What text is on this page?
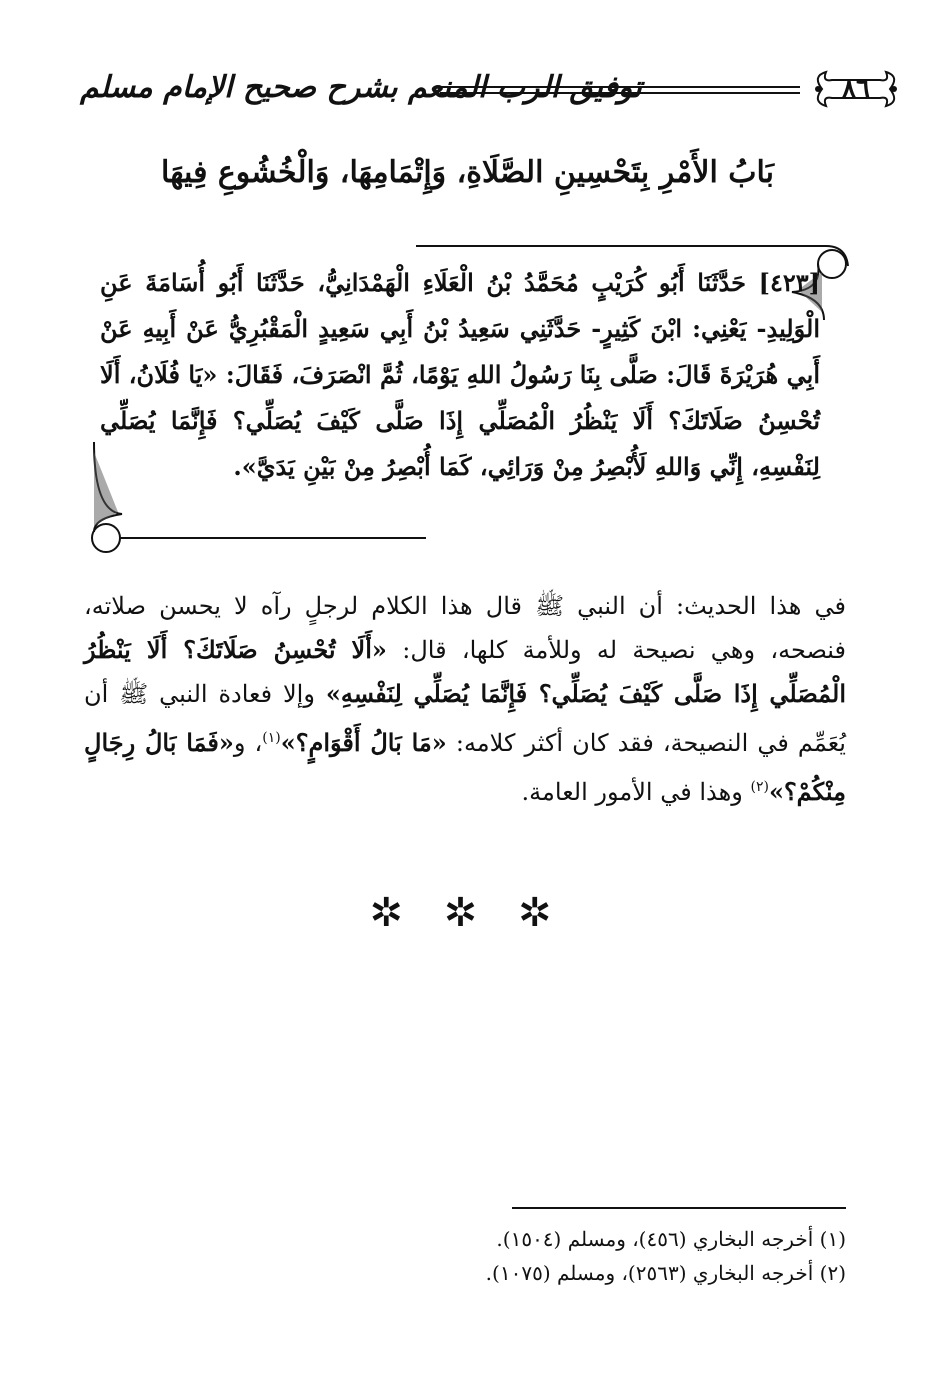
توفيق الرب المنعم بشرح صحيح الإمام مسلم	٨٦
بَابُ الأَمْرِ بِتَحْسِينِ الصَّلَاةِ، وَإِتْمَامِهَا، وَالْخُشُوعِ فِيهَا
[٤٢٣] حَدَّثَنَا أَبُو كُرَيْبٍ مُحَمَّدُ بْنُ الْعَلَاءِ الْهَمْدَانِيُّ، حَدَّثَنَا أَبُو أُسَامَةَ عَنِ الْوَلِيدِ- يَعْنِي: ابْنَ كَثِيرٍ- حَدَّثَنِي سَعِيدُ بْنُ أَبِي سَعِيدٍ الْمَقْبُرِيُّ عَنْ أَبِيهِ عَنْ أَبِي هُرَيْرَةَ قَالَ: صَلَّى بِنَا رَسُولُ اللهِ يَوْمًا، ثُمَّ انْصَرَفَ، فَقَالَ: «يَا فُلَانُ، أَلَا تُحْسِنُ صَلَاتَكَ؟ أَلَا يَنْظُرُ الْمُصَلِّي إِذَا صَلَّى كَيْفَ يُصَلِّي؟ فَإِنَّمَا يُصَلِّي لِنَفْسِهِ، إِنِّي وَاللهِ لَأُبْصِرُ مِنْ وَرَائِي، كَمَا أُبْصِرُ مِنْ بَيْنِ يَدَيَّ».
في هذا الحديث: أن النبي ﷺ قال هذا الكلام لرجلٍ رآه لا يحسن صلاته، فنصحه، وهي نصيحة له وللأمة كلها، قال: «أَلَا تُحْسِنُ صَلَاتَكَ؟ أَلَا يَنْظُرُ الْمُصَلِّي إِذَا صَلَّى كَيْفَ يُصَلِّي؟ فَإِنَّمَا يُصَلِّي لِنَفْسِهِ» وإلا فعادة النبي ﷺ أن يُعَمِّم في النصيحة، فقد كان أكثر كلامه: «مَا بَالُ أَقْوَامٍ؟»$^{(١)}$، و«فَمَا بَالُ رِجَالٍ مِنْكُمْ؟»$^{(٢)}$ وهذا في الأمور العامة.
✲ ✲ ✲
(١) أخرجه البخاري (٤٥٦)، ومسلم (١٥٠٤).
(٢) أخرجه البخاري (٢٥٦٣)، ومسلم (١٠٧٥).
